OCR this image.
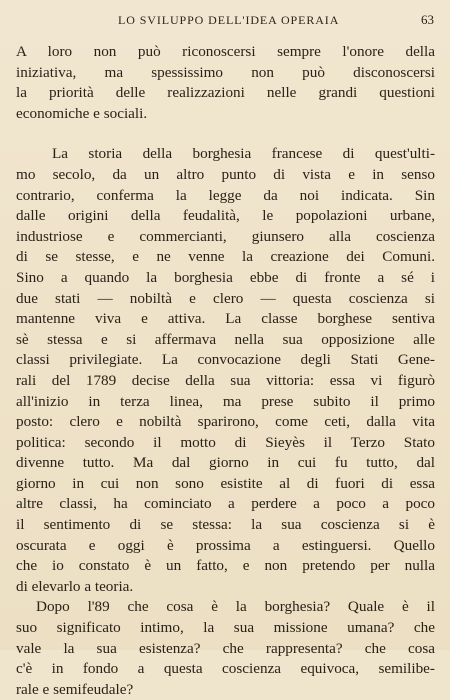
LO SVILUPPO DELL'IDEA OPERAIA	63
A loro non può riconoscersi sempre l'onore della
iniziativa, ma spessissimo non può disconoscersi
la priorità delle realizzazioni nelle grandi questioni
economiche e sociali.
La storia della borghesia francese di quest'ulti-
mo secolo, da un altro punto di vista e in senso
contrario, conferma la legge da noi indicata. Sin
dalle origini della feudalità, le popolazioni urbane,
industriose e commercianti, giunsero alla coscienza
di se stesse, e ne venne la creazione dei Comuni.
Sino a quando la borghesia ebbe di fronte a sé i
due stati — nobiltà e clero — questa coscienza si
mantenne viva e attiva. La classe borghese sentiva
sè stessa e si affermava nella sua opposizione alle
classi privilegiate. La convocazione degli Stati Gene-
rali del 1789 decise della sua vittoria: essa vi figurò
all'inizio in terza linea, ma prese subito il primo
posto: clero e nobiltà sparirono, come ceti, dalla vita
politica: secondo il motto di Sieyès il Terzo Stato
divenne tutto. Ma dal giorno in cui fu tutto, dal
giorno in cui non sono esistite al di fuori di essa
altre classi, ha cominciato a perdere a poco a poco
il sentimento di se stessa: la sua coscienza si è
oscurata e oggi è prossima a estinguersi. Quello
che io constato è un fatto, e non pretendo per nulla
di elevarlo a teoria.
Dopo l'89 che cosa è la borghesia? Quale è il
suo significato intimo, la sua missione umana? che
vale la sua esistenza? che rappresenta? che cosa
c'è in fondo a questa coscienza equivoca, semilibe-
rale e semifeudale?
